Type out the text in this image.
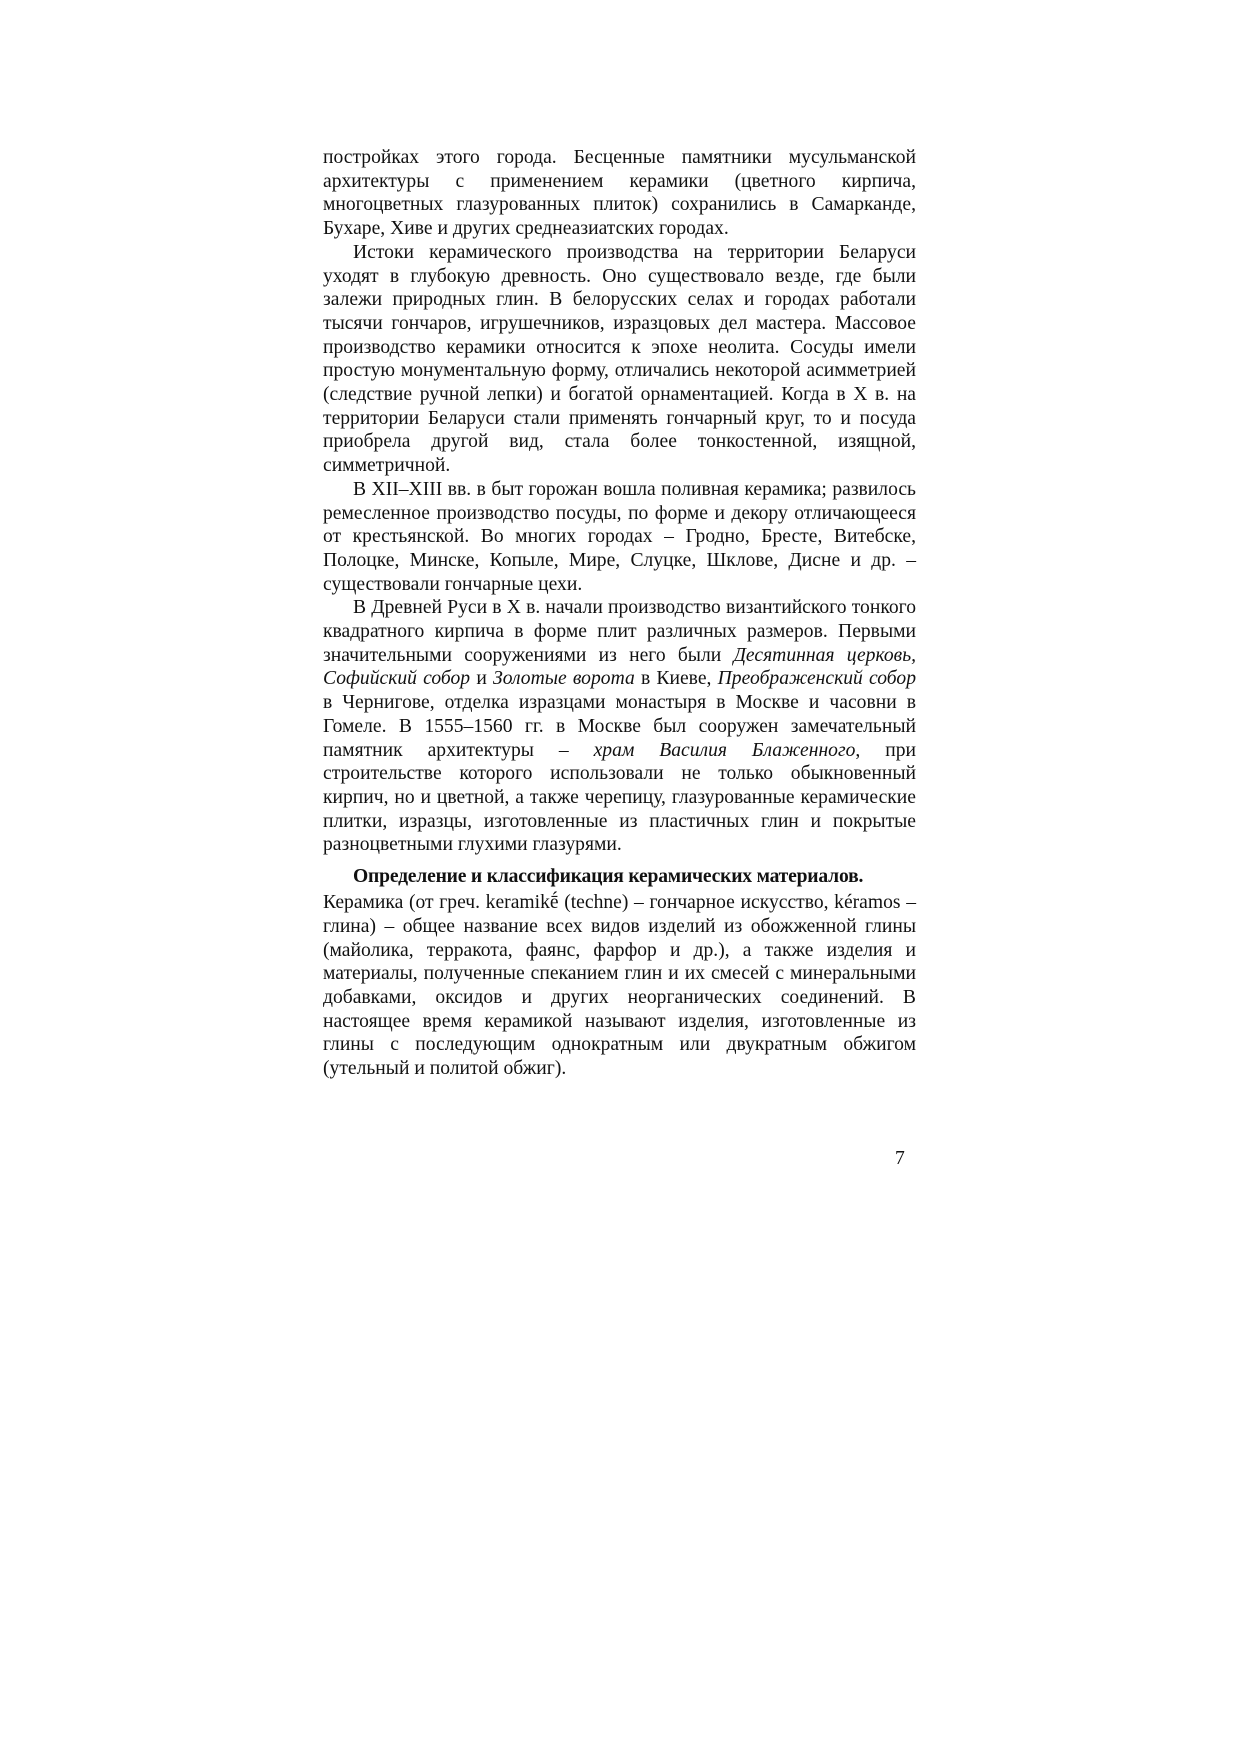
постройках этого города. Бесценные памятники мусульманской архитектуры с применением керамики (цветного кирпича, многоцветных глазурованных плиток) сохранились в Самарканде, Бухаре, Хиве и других среднеазиатских городах.

Истоки керамического производства на территории Беларуси уходят в глубокую древность. Оно существовало везде, где были залежи природных глин. В белорусских селах и городах работали тысячи гончаров, игрушечников, изразцовых дел мастера. Массовое производство керамики относится к эпохе неолита. Сосуды имели простую монументальную форму, отличались некоторой асимметрией (следствие ручной лепки) и богатой орнаментацией. Когда в X в. на территории Беларуси стали применять гончарный круг, то и посуда приобрела другой вид, стала более тонкостенной, изящной, симметричной.

В XII–XIII вв. в быт горожан вошла поливная керамика; развилось ремесленное производство посуды, по форме и декору отличающееся от крестьянской. Во многих городах – Гродно, Бресте, Витебске, Полоцке, Минске, Копыле, Мире, Слуцке, Шклове, Дисне и др. – существовали гончарные цехи.

В Древней Руси в X в. начали производство византийского тонкого квадратного кирпича в форме плит различных размеров. Первыми значительными сооружениями из него были Десятинная церковь, Софийский собор и Золотые ворота в Киеве, Преображенский собор в Чернигове, отделка изразцами монастыря в Москве и часовни в Гомеле. В 1555–1560 гг. в Москве был сооружен замечательный памятник архитектуры – храм Василия Блаженного, при строительстве которого использовали не только обыкновенный кирпич, но и цветной, а также черепицу, глазурованные керамические плитки, изразцы, изготовленные из пластичных глин и покрытые разноцветными глухими глазурями.

Определение и классификация керамических материалов.

Керамика (от греч. keramikḗ (techne) – гончарное искусство, kéramos – глина) – общее название всех видов изделий из обожженной глины (майолика, терракота, фаянс, фарфор и др.), а также изделия и материалы, полученные спеканием глин и их смесей с минеральными добавками, оксидов и других неорганических соединений. В настоящее время керамикой называют изделия, изготовленные из глины с последующим однократным или двукратным обжигом (утельный и политой обжиг).

7
